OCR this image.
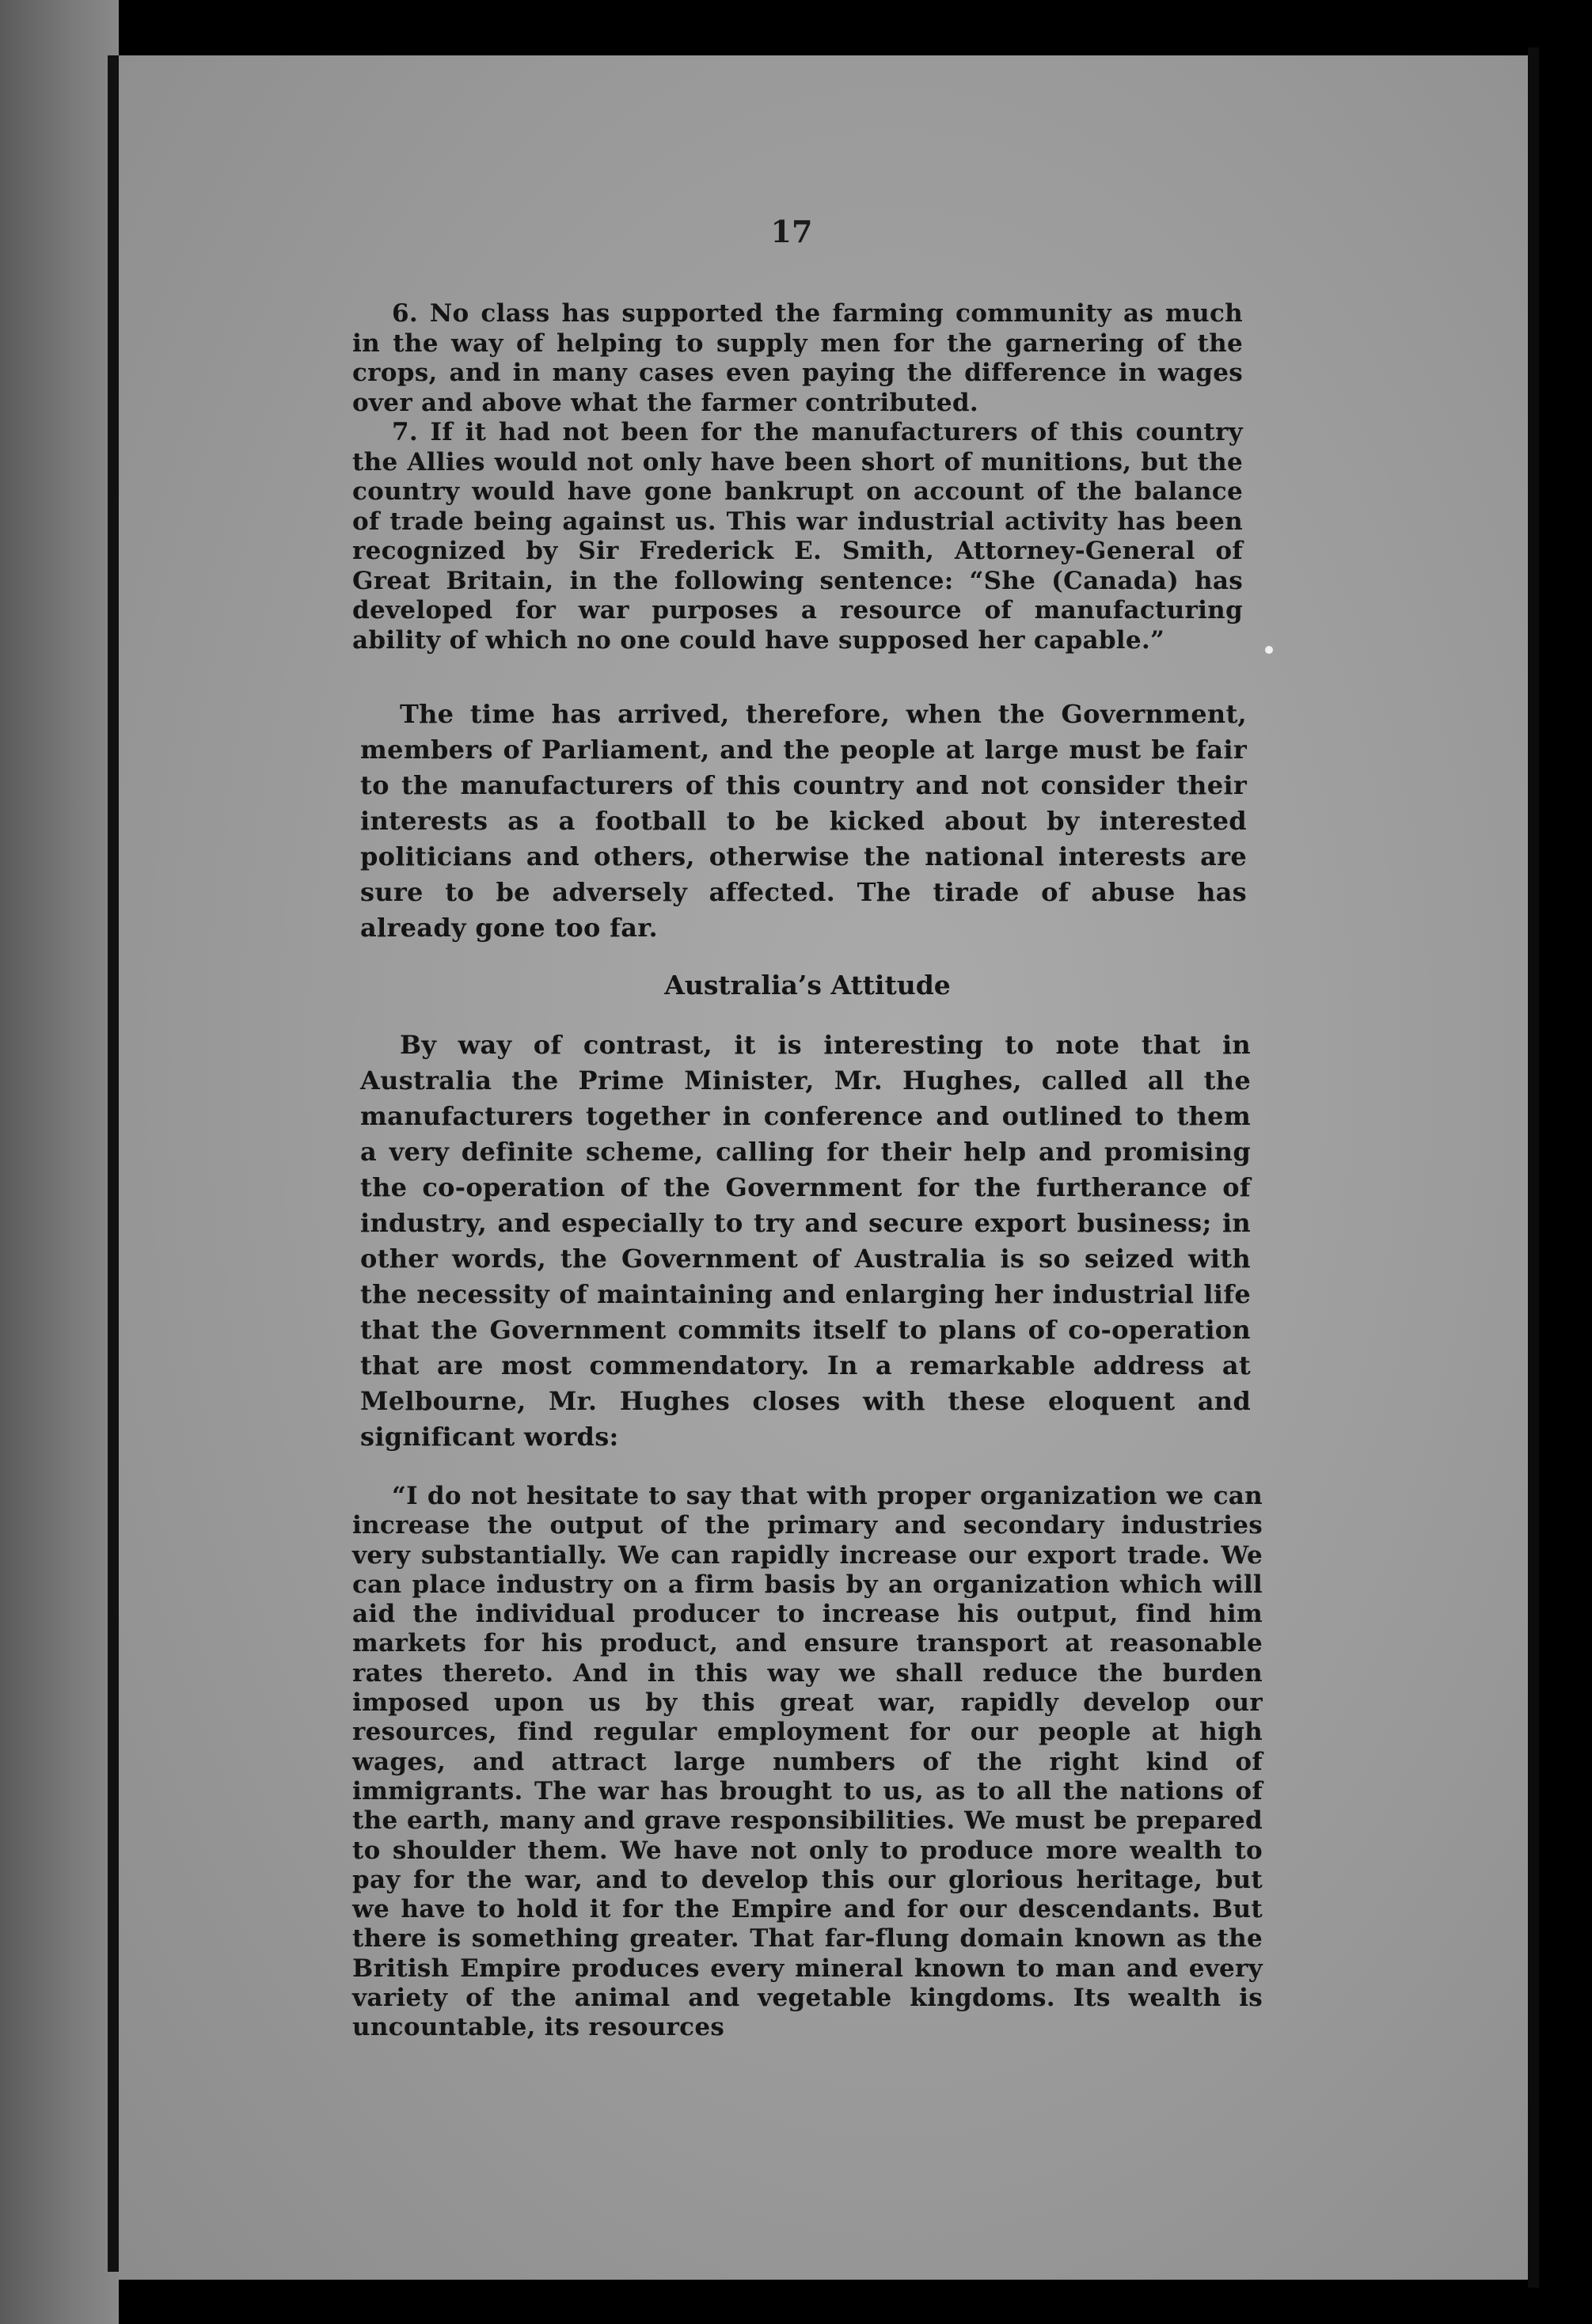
17

6. No class has supported the farming community as much in the way of helping to supply men for the garnering of the crops, and in many cases even paying the difference in wages over and above what the farmer contributed.

7. If it had not been for the manufacturers of this country the Allies would not only have been short of munitions, but the country would have gone bankrupt on account of the balance of trade being against us. This war industrial activity has been recognized by Sir Frederick E. Smith, Attorney-General of Great Britain, in the following sentence: “She (Canada) has developed for war purposes a resource of manufacturing ability of which no one could have supposed her capable.”

The time has arrived, therefore, when the Government, members of Parliament, and the people at large must be fair to the manufacturers of this country and not consider their interests as a football to be kicked about by interested politicians and others, otherwise the national interests are sure to be adversely affected. The tirade of abuse has already gone too far.

Australia’s Attitude

By way of contrast, it is interesting to note that in Australia the Prime Minister, Mr. Hughes, called all the manufacturers together in conference and outlined to them a very definite scheme, calling for their help and promising the co-operation of the Government for the furtherance of industry, and especially to try and secure export business; in other words, the Government of Australia is so seized with the necessity of maintaining and enlarging her industrial life that the Government commits itself to plans of co-operation that are most commendatory. In a remarkable address at Melbourne, Mr. Hughes closes with these eloquent and significant words:

“I do not hesitate to say that with proper organization we can increase the output of the primary and secondary industries very substantially. We can rapidly increase our export trade. We can place industry on a firm basis by an organization which will aid the individual producer to increase his output, find him markets for his product, and ensure transport at reasonable rates thereto. And in this way we shall reduce the burden imposed upon us by this great war, rapidly develop our resources, find regular employment for our people at high wages, and attract large numbers of the right kind of immigrants. The war has brought to us, as to all the nations of the earth, many and grave responsibilities. We must be prepared to shoulder them. We have not only to produce more wealth to pay for the war, and to develop this our glorious heritage, but we have to hold it for the Empire and for our descendants. But there is something greater. That far-flung domain known as the British Empire produces every mineral known to man and every variety of the animal and vegetable kingdoms. Its wealth is uncountable, its resources
